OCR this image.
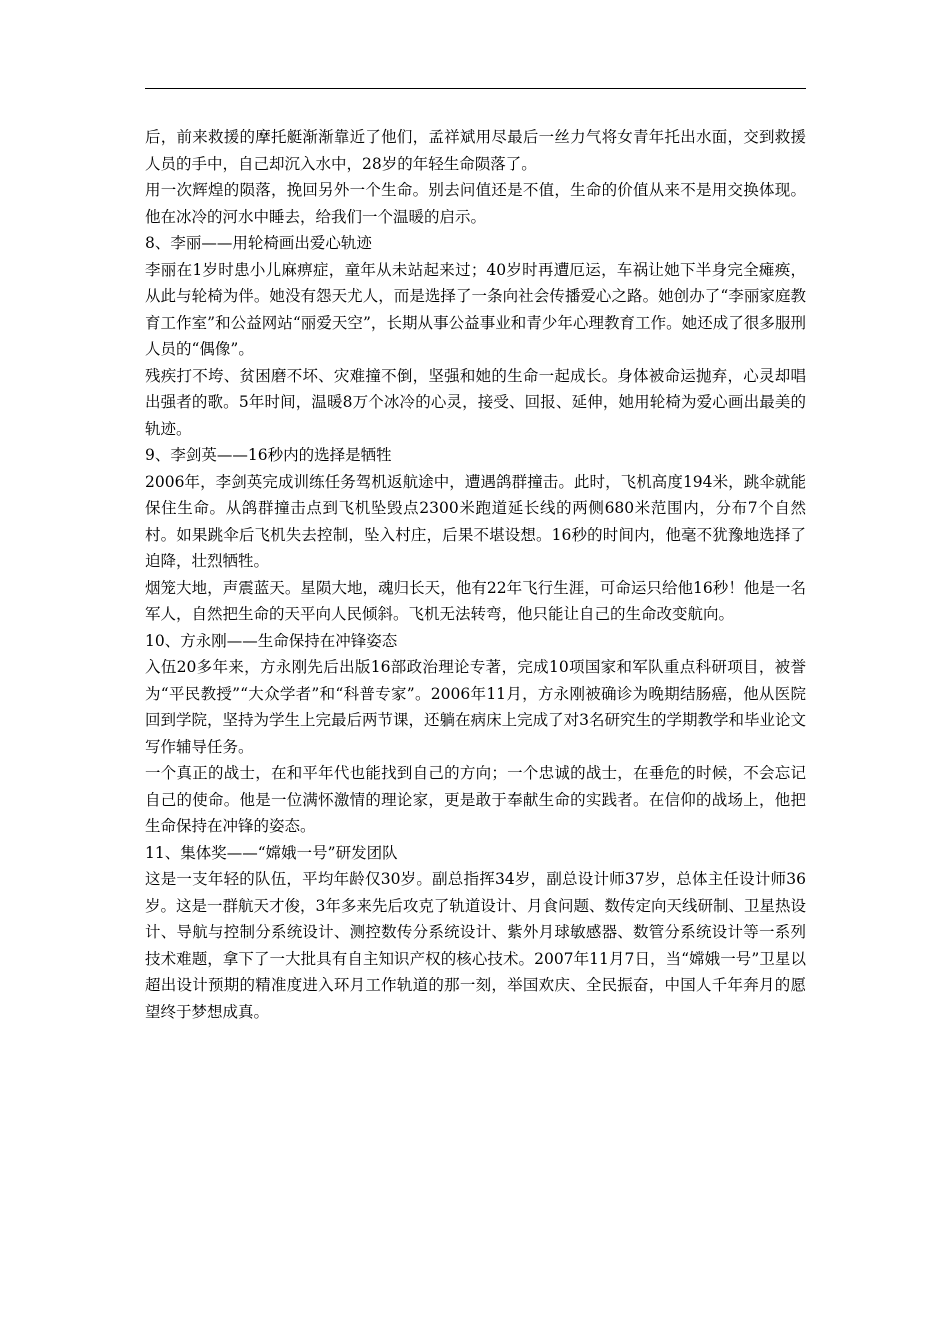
后，前来救援的摩托艇渐渐靠近了他们，孟祥斌用尽最后一丝力气将女青年托出水面，交到救援人员的手中，自己却沉入水中，28岁的年轻生命陨落了。

用一次辉煌的陨落，挽回另外一个生命。别去问值还是不值，生命的价值从来不是用交换体现。他在冰冷的河水中睡去，给我们一个温暖的启示。

8、李丽——用轮椅画出爱心轨迹

李丽在1岁时患小儿麻痹症，童年从未站起来过；40岁时再遭厄运，车祸让她下半身完全瘫痪，从此与轮椅为伴。她没有怨天尤人，而是选择了一条向社会传播爱心之路。她创办了“李丽家庭教育工作室”和公益网站“丽爱天空”，长期从事公益事业和青少年心理教育工作。她还成了很多服刑人员的“偶像”。

残疾打不垮、贫困磨不坏、灾难撞不倒，坚强和她的生命一起成长。身体被命运抛弃，心灵却唱出强者的歌。5年时间，温暖8万个冰冷的心灵，接受、回报、延伸，她用轮椅为爱心画出最美的轨迹。

9、李剑英——16秒内的选择是牺牲

2006年，李剑英完成训练任务驾机返航途中，遭遇鸽群撞击。此时，飞机高度194米，跳伞就能保住生命。从鸽群撞击点到飞机坠毁点2300米跑道延长线的两侧680米范围内，分布7个自然村。如果跳伞后飞机失去控制，坠入村庄，后果不堪设想。16秒的时间内，他毫不犹豫地选择了迫降，壮烈牺牲。

烟笼大地，声震蓝天。星陨大地，魂归长天，他有22年飞行生涯，可命运只给他16秒！他是一名军人，自然把生命的天平向人民倾斜。飞机无法转弯，他只能让自己的生命改变航向。

10、方永刚——生命保持在冲锋姿态

入伍20多年来，方永刚先后出版16部政治理论专著，完成10项国家和军队重点科研项目，被誉为“平民教授”“大众学者”和“科普专家”。2006年11月，方永刚被确诊为晚期结肠癌，他从医院回到学院，坚持为学生上完最后两节课，还躺在病床上完成了对3名研究生的学期教学和毕业论文写作辅导任务。

一个真正的战士，在和平年代也能找到自己的方向；一个忠诚的战士，在垂危的时候，不会忘记自己的使命。他是一位满怀激情的理论家，更是敢于奉献生命的实践者。在信仰的战场上，他把生命保持在冲锋的姿态。

11、集体奖——“嫦娥一号”研发团队

这是一支年轻的队伍，平均年龄仅30岁。副总指挥34岁，副总设计师37岁，总体主任设计师36岁。这是一群航天才俊，3年多来先后攻克了轨道设计、月食问题、数传定向天线研制、卫星热设计、导航与控制分系统设计、测控数传分系统设计、紫外月球敏感器、数管分系统设计等一系列技术难题，拿下了一大批具有自主知识产权的核心技术。2007年11月7日，当“嫦娥一号”卫星以超出设计预期的精准度进入环月工作轨道的那一刻，举国欢庆、全民振奋，中国人千年奔月的愿望终于梦想成真。
